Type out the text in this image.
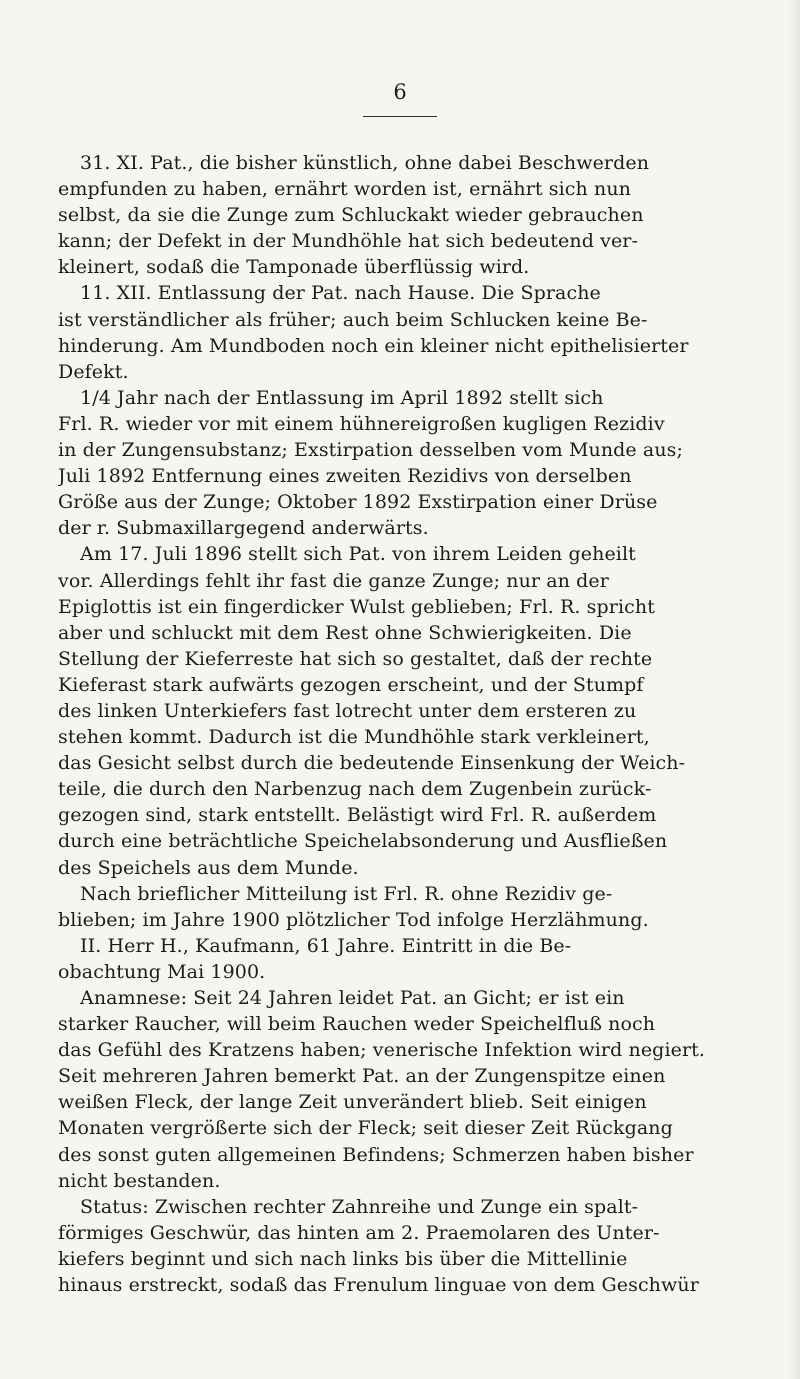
6
31. XI. Pat., die bisher künstlich, ohne dabei Beschwerden
empfunden zu haben, ernährt worden ist, ernährt sich nun
selbst, da sie die Zunge zum Schluckakt wieder gebrauchen
kann; der Defekt in der Mundhöhle hat sich bedeutend ver-
kleinert, sodaß die Tamponade überflüssig wird.
11. XII. Entlassung der Pat. nach Hause. Die Sprache
ist verständlicher als früher; auch beim Schlucken keine Be-
hinderung. Am Mundboden noch ein kleiner nicht epithelisierter
Defekt.
1/4 Jahr nach der Entlassung im April 1892 stellt sich
Frl. R. wieder vor mit einem hühnereigroßen kugligen Rezidiv
in der Zungensubstanz; Exstirpation desselben vom Munde aus;
Juli 1892 Entfernung eines zweiten Rezidivs von derselben
Größe aus der Zunge; Oktober 1892 Exstirpation einer Drüse
der r. Submaxillargegend anderwärts.
Am 17. Juli 1896 stellt sich Pat. von ihrem Leiden geheilt
vor. Allerdings fehlt ihr fast die ganze Zunge; nur an der
Epiglottis ist ein fingerdicker Wulst geblieben; Frl. R. spricht
aber und schluckt mit dem Rest ohne Schwierigkeiten. Die
Stellung der Kieferreste hat sich so gestaltet, daß der rechte
Kieferast stark aufwärts gezogen erscheint, und der Stumpf
des linken Unterkiefers fast lotrecht unter dem ersteren zu
stehen kommt. Dadurch ist die Mundhöhle stark verkleinert,
das Gesicht selbst durch die bedeutende Einsenkung der Weich-
teile, die durch den Narbenzug nach dem Zugenbein zurück-
gezogen sind, stark entstellt. Belästigt wird Frl. R. außerdem
durch eine beträchtliche Speichelabsonderung und Ausfließen
des Speichels aus dem Munde.
Nach brieflicher Mitteilung ist Frl. R. ohne Rezidiv ge-
blieben; im Jahre 1900 plötzlicher Tod infolge Herzlähmung.
II. Herr H., Kaufmann, 61 Jahre. Eintritt in die Be-
obachtung Mai 1900.
Anamnese: Seit 24 Jahren leidet Pat. an Gicht; er ist ein
starker Raucher, will beim Rauchen weder Speichelfluß noch
das Gefühl des Kratzens haben; venerische Infektion wird negiert.
Seit mehreren Jahren bemerkt Pat. an der Zungenspitze einen
weißen Fleck, der lange Zeit unverändert blieb. Seit einigen
Monaten vergrößerte sich der Fleck; seit dieser Zeit Rückgang
des sonst guten allgemeinen Befindens; Schmerzen haben bisher
nicht bestanden.
Status: Zwischen rechter Zahnreihe und Zunge ein spalt-
förmiges Geschwür, das hinten am 2. Praemolaren des Unter-
kiefers beginnt und sich nach links bis über die Mittellinie
hinaus erstreckt, sodaß das Frenulum linguae von dem Geschwür
